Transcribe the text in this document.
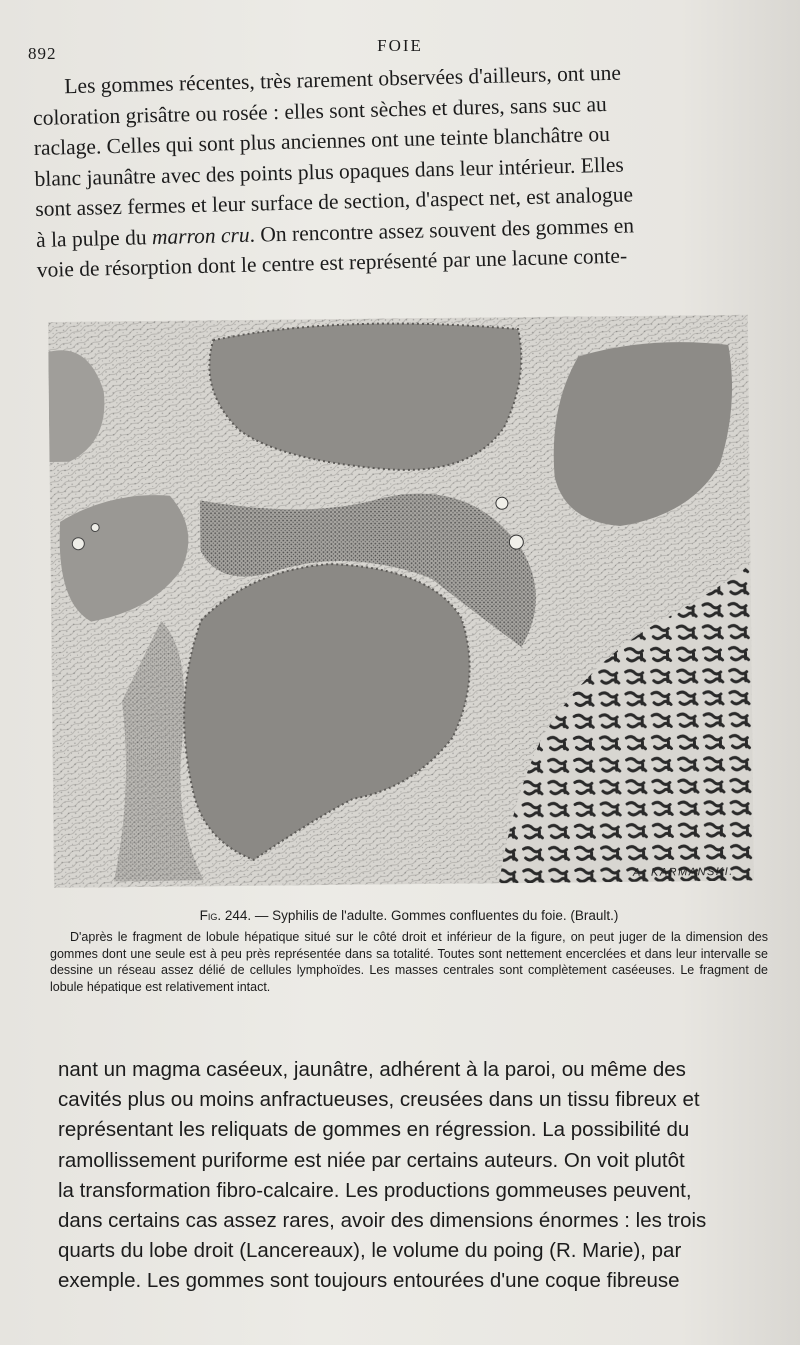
892	FOIE
Les gommes récentes, très rarement observées d'ailleurs, ont une
coloration grisâtre ou rosée : elles sont sèches et dures, sans suc au
raclage. Celles qui sont plus anciennes ont une teinte blanchâtre ou
blanc jaunâtre avec des points plus opaques dans leur intérieur. Elles
sont assez fermes et leur surface de section, d'aspect net, est analogue
à la pulpe du marron cru. On rencontre assez souvent des gommes en
voie de résorption dont le centre est représenté par une lacune conte-
A. KARMANSKI.
Fig. 244. — Syphilis de l'adulte. Gommes confluentes du foie. (Brault.)
D'après le fragment de lobule hépatique situé sur le côté droit et inférieur de la figure, on peut juger de la dimension des gommes dont une seule est à peu près représentée dans sa totalité. Toutes sont nettement encerclées et dans leur intervalle se dessine un réseau assez délié de cellules lymphoïdes. Les masses centrales sont complètement caséeuses. Le fragment de lobule hépatique est relativement intact.
nant un magma caséeux, jaunâtre, adhérent à la paroi, ou même des
cavités plus ou moins anfractueuses, creusées dans un tissu fibreux et
représentant les reliquats de gommes en régression. La possibilité du
ramollissement puriforme est niée par certains auteurs. On voit plutôt
la transformation fibro-calcaire. Les productions gommeuses peuvent,
dans certains cas assez rares, avoir des dimensions énormes : les trois
quarts du lobe droit (Lancereaux), le volume du poing (R. Marie), par
exemple. Les gommes sont toujours entourées d'une coque fibreuse
